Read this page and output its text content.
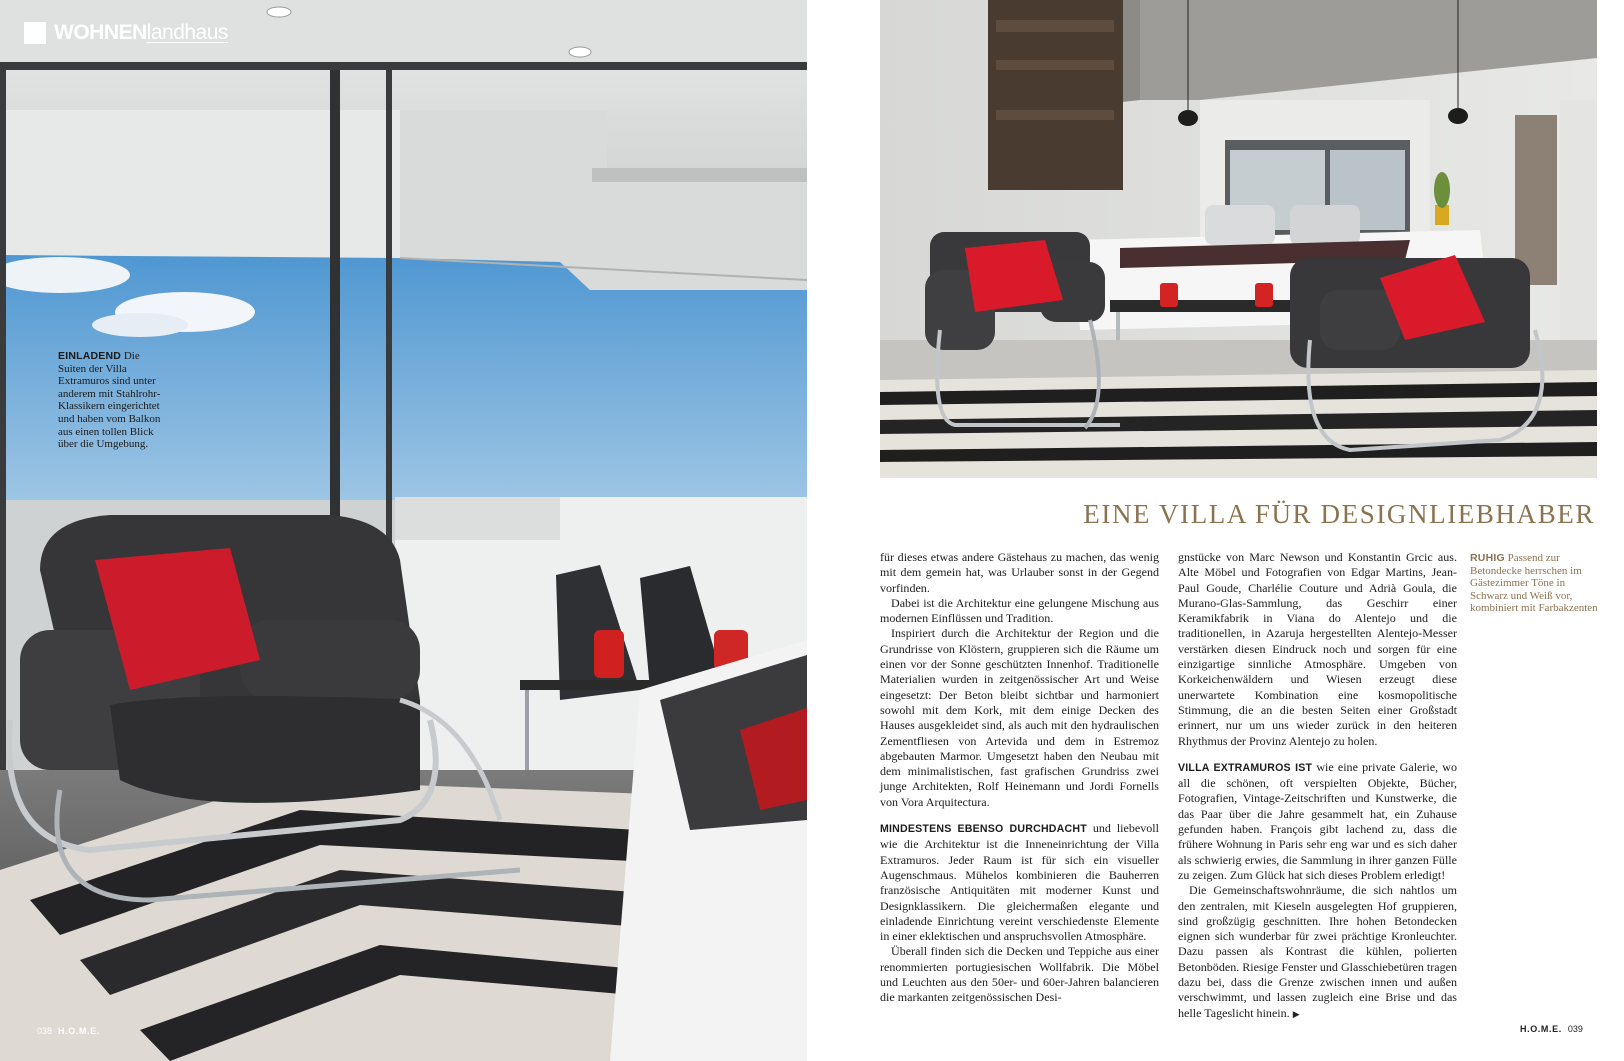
WOHNEN landhaus
EINLADEND Die Suiten der Villa Extramuros sind unter anderem mit Stahlrohr-Klassikern eingerichtet und haben vom Balkon aus einen tollen Blick über die Umgebung.
038 H.O.M.E.
EINE VILLA FÜR DESIGNLIEBHABER

für dieses etwas andere Gästehaus zu machen, das wenig mit dem gemein hat, was Urlauber sonst in der Gegend vorfinden.

Dabei ist die Architektur eine gelungene Mischung aus modernen Einflüssen und Tradition.

Inspiriert durch die Architektur der Region und die Grundrisse von Klöstern, gruppieren sich die Räume um einen vor der Sonne geschützten Innenhof. Traditionelle Materialien wurden in zeitgenössischer Art und Weise eingesetzt: Der Beton bleibt sichtbar und harmoniert sowohl mit dem Kork, mit dem einige Decken des Hauses ausgekleidet sind, als auch mit den hydraulischen Zementfliesen von Artevida und dem in Estremoz abgebauten Marmor. Umgesetzt haben den Neubau mit dem minimalistischen, fast grafischen Grundriss zwei junge Architekten, Rolf Heinemann und Jordi Fornells von Vora Arquitectura.

MINDESTENS EBENSO DURCHDACHT und liebevoll wie die Architektur ist die Inneneinrichtung der Villa Extramuros. Jeder Raum ist für sich ein visueller Augenschmaus. Mühelos kombinieren die Bauherren französische Antiquitäten mit moderner Kunst und Designklassikern. Die gleichermaßen elegante und einladende Einrichtung vereint verschiedenste Elemente in einer eklektischen und anspruchsvollen Atmosphäre.

Überall finden sich die Decken und Teppiche aus einer renommierten portugiesischen Wollfabrik. Die Möbel und Leuchten aus den 50er- und 60er-Jahren balancieren die markanten zeitgenössischen Desi-

gnstücke von Marc Newson und Konstantin Grcic aus. Alte Möbel und Fotografien von Edgar Martins, Jean-Paul Goude, Charlélie Couture und Adrià Goula, die Murano-Glas-Sammlung, das Geschirr einer Keramikfabrik in Viana do Alentejo und die traditionellen, in Azaruja hergestellten Alentejo-Messer verstärken diesen Eindruck noch und sorgen für eine einzigartige sinnliche Atmosphäre. Umgeben von Korkeichenwäldern und Wiesen erzeugt diese unerwartete Kombination eine kosmopolitische Stimmung, die an die besten Seiten einer Großstadt erinnert, nur um uns wieder zurück in den heiteren Rhythmus der Provinz Alentejo zu holen.

VILLA EXTRAMUROS IST wie eine private Galerie, wo all die schönen, oft verspielten Objekte, Bücher, Fotografien, Vintage-Zeitschriften und Kunstwerke, die das Paar über die Jahre gesammelt hat, ein Zuhause gefunden haben. François gibt lachend zu, dass die frühere Wohnung in Paris sehr eng war und es sich daher als schwierig erwies, die Sammlung in ihrer ganzen Fülle zu zeigen. Zum Glück hat sich dieses Problem erledigt!

Die Gemeinschaftswohnräume, die sich nahtlos um den zentralen, mit Kieseln ausgelegten Hof gruppieren, sind großzügig geschnitten. Ihre hohen Betondecken eignen sich wunderbar für zwei prächtige Kronleuchter. Dazu passen als Kontrast die kühlen, polierten Betonböden. Riesige Fenster und Glasschiebetüren tragen dazu bei, dass die Grenze zwischen innen und außen verschwimmt, und lassen zugleich eine Brise und das helle Tageslicht hinein. ▶

RUHIG Passend zur Betondecke herrschen im Gästezimmer Töne in Schwarz und Weiß vor, kombiniert mit Farbakzenten
H.O.M.E. 039
